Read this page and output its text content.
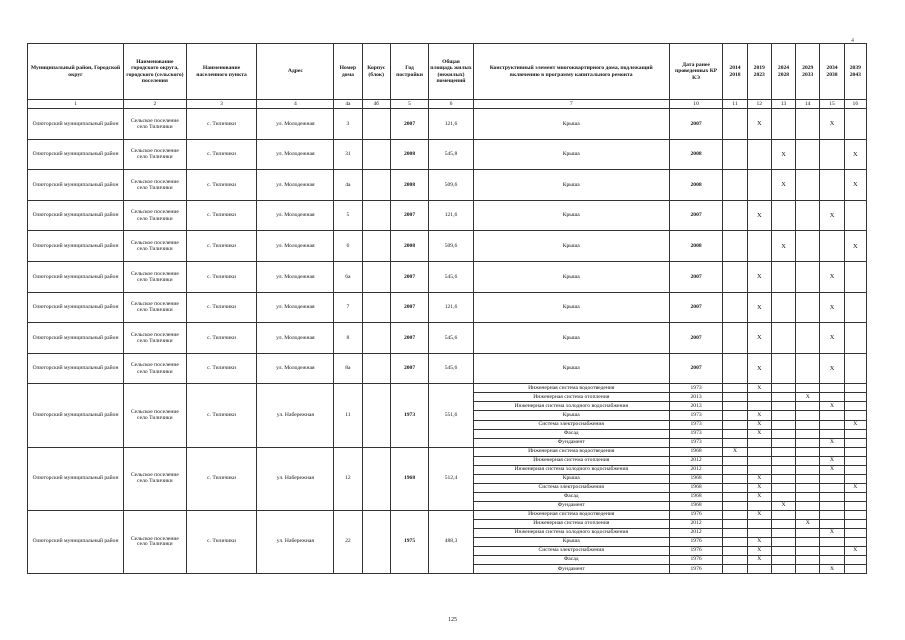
4
Муниципальный район, Городской округ	Наименование городского округа, городского (сельского) поселения	Наименование населенного пункта	Адрес	Номер дома	Корпус (блок)	Год постройки	Общая площадь жилых (нежилых) помещений	Конструктивный элемент многоквартирного дома, подлежащий включению в программу капитального ремонта	Дата ранее проведенных КР КЭ	2014 2018	2019 2023	2024 2028	2029 2033	2034 2038	2039 2043
1	2	3	4	4а	4б	5	6	7	10	11	12	13	14	15	16
Олюторский муниципальный район	Сельское поселение село Тиличики	с. Тиличики	ул. Молодежная	3		2007	121,6	Крыша	2007		X			X	
Олюторский муниципальный район	Сельское поселение село Тиличики	с. Тиличики	ул. Молодежная	31		2008	545,8	Крыша	2008			X			X
Олюторский муниципальный район	Сельское поселение село Тиличики	с. Тиличики	ул. Молодежная	4а		2008	509,6	Крыша	2008			X			X
Олюторский муниципальный район	Сельское поселение село Тиличики	с. Тиличики	ул. Молодежная	5		2007	121,6	Крыша	2007		X			X	
Олюторский муниципальный район	Сельское поселение село Тиличики	с. Тиличики	ул. Молодежная	6		2008	509,6	Крыша	2008			X			X
Олюторский муниципальный район	Сельское поселение село Тиличики	с. Тиличики	ул. Молодежная	6а		2007	545,6	Крыша	2007		X			X	
Олюторский муниципальный район	Сельское поселение село Тиличики	с. Тиличики	ул. Молодежная	7		2007	121,6	Крыша	2007		X			X	
Олюторский муниципальный район	Сельское поселение село Тиличики	с. Тиличики	ул. Молодежная	8		2007	545,6	Крыша	2007		X			X	
Олюторский муниципальный район	Сельское поселение село Тиличики	с. Тиличики	ул. Молодежная	8а		2007	545,6	Крыша	2007		X			X	
Олюторский муниципальный район	Сельское поселение село Тиличики	с. Тиличики	ул. Набережная	11		1973	551,6	Инженерная система водоотведения	1973		X				
								Инженерная система отопления	2013				X		
								Инженерная система холодного водоснабжения	2013					X	
								Крыша	1973		X				
								Система электроснабжения	1973		X				X
								Фасад	1973		X				
								Фундамент	1973					X	
Олюторский муниципальный район	Сельское поселение село Тиличики	с. Тиличики	ул. Набережная	12		1968	512,4	Инженерная система водоотведения	1968	X					
								Инженерная система отопления	2012					X	
								Инженерная система холодного водоснабжения	2012					X	
								Крыша	1968		X				
								Система электроснабжения	1968		X				X
								Фасад	1968		X				
								Фундамент	1968			X			
Олюторский муниципальный район	Сельское поселение село Тиличики	с. Тиличики	ул. Набережная	22		1975	488,3	Инженерная система водоотведения	1976		X				
								Инженерная система отопления	2012				X		
								Инженерная система холодного водоснабжения	2012					X	
								Крыша	1976		X				
								Система электроснабжения	1976		X				X
								Фасад	1976		X				
								Фундамент	1976					X	
125
